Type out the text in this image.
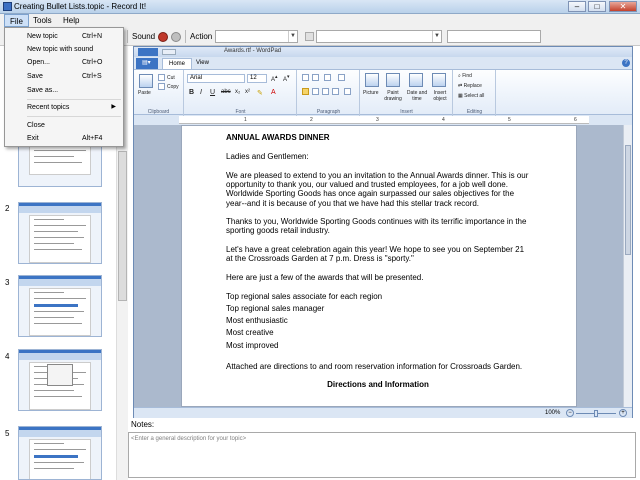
Creating Bullet Lists.topic - Record It!	‒	□	✕
File	Tools	Help
Sound	Action	▼	▼
2
3
4
5
Awards.rtf - WordPad
▤▾	Home	View	?
Paste
Cut
Copy
Clipboard
Arial	12	A▴ A▾
B I U abc x₂ x² ✎ A
Font	Paragraph
Picture	Paint drawing
Date and time
Insert object
Insert
⌕ Find
⇄ Replace
▦ Select all
Editing
1	2	3	4	5	6

ANNUAL AWARDS DINNER

Ladies and Gentlemen:

We are pleased to extend to you an invitation to the Annual Awards dinner. This is our opportunity to thank you, our valued and trusted employees, for a job well done. Worldwide Sporting Goods has once again surpassed our sales objectives for the year--and it is because of you that we have had this stellar track record.

Thanks to you, Worldwide Sporting Goods continues with its terrific importance in the sporting goods retail industry.

Let's have a great celebration again this year! We hope to see you on September 21 at the Crossroads Garden at 7 p.m. Dress is "sporty."

Here are just a few of the awards that will be presented.

Top regional sales associate for each region

Top regional sales manager

Most enthusiastic

Most creative

Most improved

Attached are directions to and room reservation information for Crossroads Garden.

Directions and Information

100%	−	+
Notes:
<Enter a general description for your topic>
New topic	Ctrl+N
New topic with sound
Open...	Ctrl+O
Save	Ctrl+S
Save as...
Recent topics	▶
Close
Exit	Alt+F4
